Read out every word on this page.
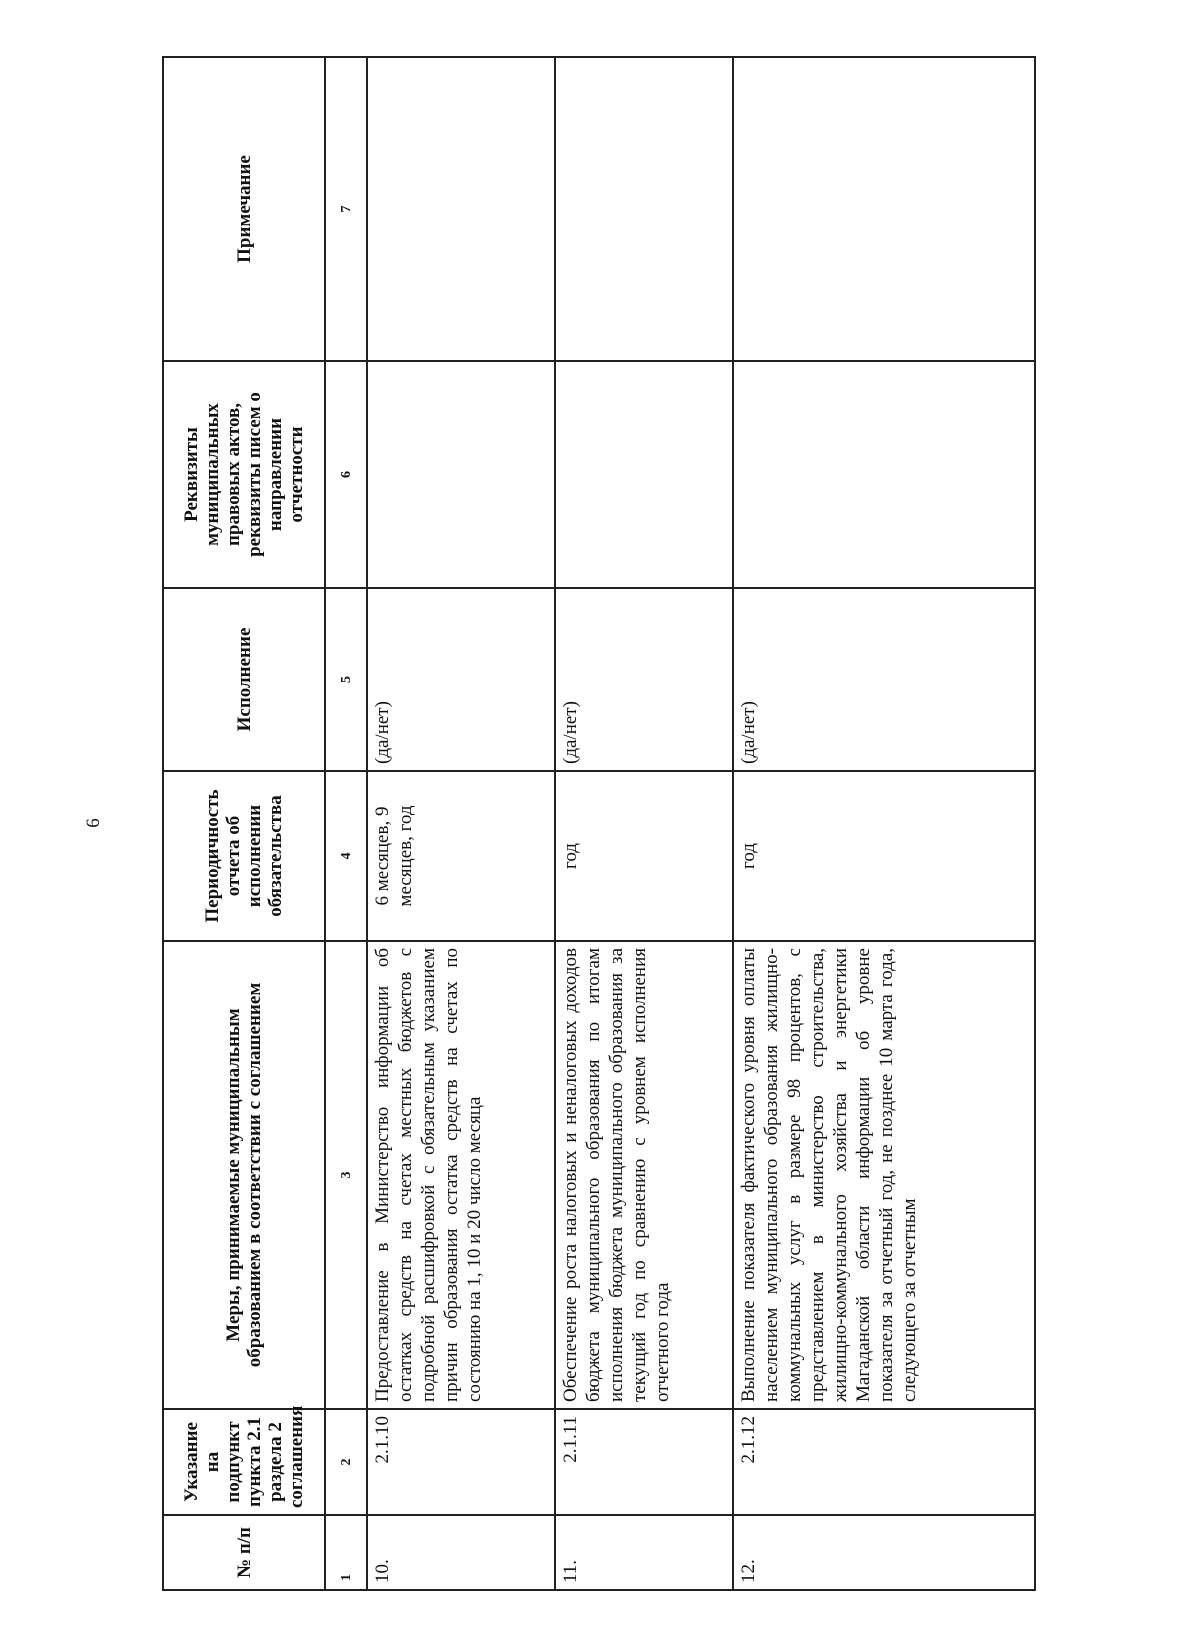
6
№ п/п	Указание на подпункт пункта 2.1 раздела 2 соглашения	Меры, принимаемые муниципальным образованием в соответствии с соглашением	Периодичность отчета об исполнении обязательства	Исполнение	Реквизиты муниципальных правовых актов, реквизиты писем о направлении отчетности	Примечание
1	2	3	4	5	6	7
10.	2.1.10	Предоставление в Министерство информации об остатках средств на счетах местных бюджетов с подробной расшифровкой с обязательным указанием причин образования остатка средств на счетах по состоянию на 1, 10 и 20 число месяца	6 месяцев, 9 месяцев, год	(да/нет)		
11.	2.1.11	Обеспечение роста налоговых и неналоговых доходов бюджета муниципального образования по итогам исполнения бюджета муниципального образования за текущий год по сравнению с уровнем исполнения отчетного года	год	(да/нет)		
12.	2.1.12	Выполнение показателя фактического уровня оплаты населением муниципального образования жилищно-коммунальных услуг в размере 98 процентов, с представлением в министерство строительства, жилищно-коммунального хозяйства и энергетики Магаданской области информации об уровне показателя за отчетный год, не позднее 10 марта года, следующего за отчетным	год	(да/нет)		
